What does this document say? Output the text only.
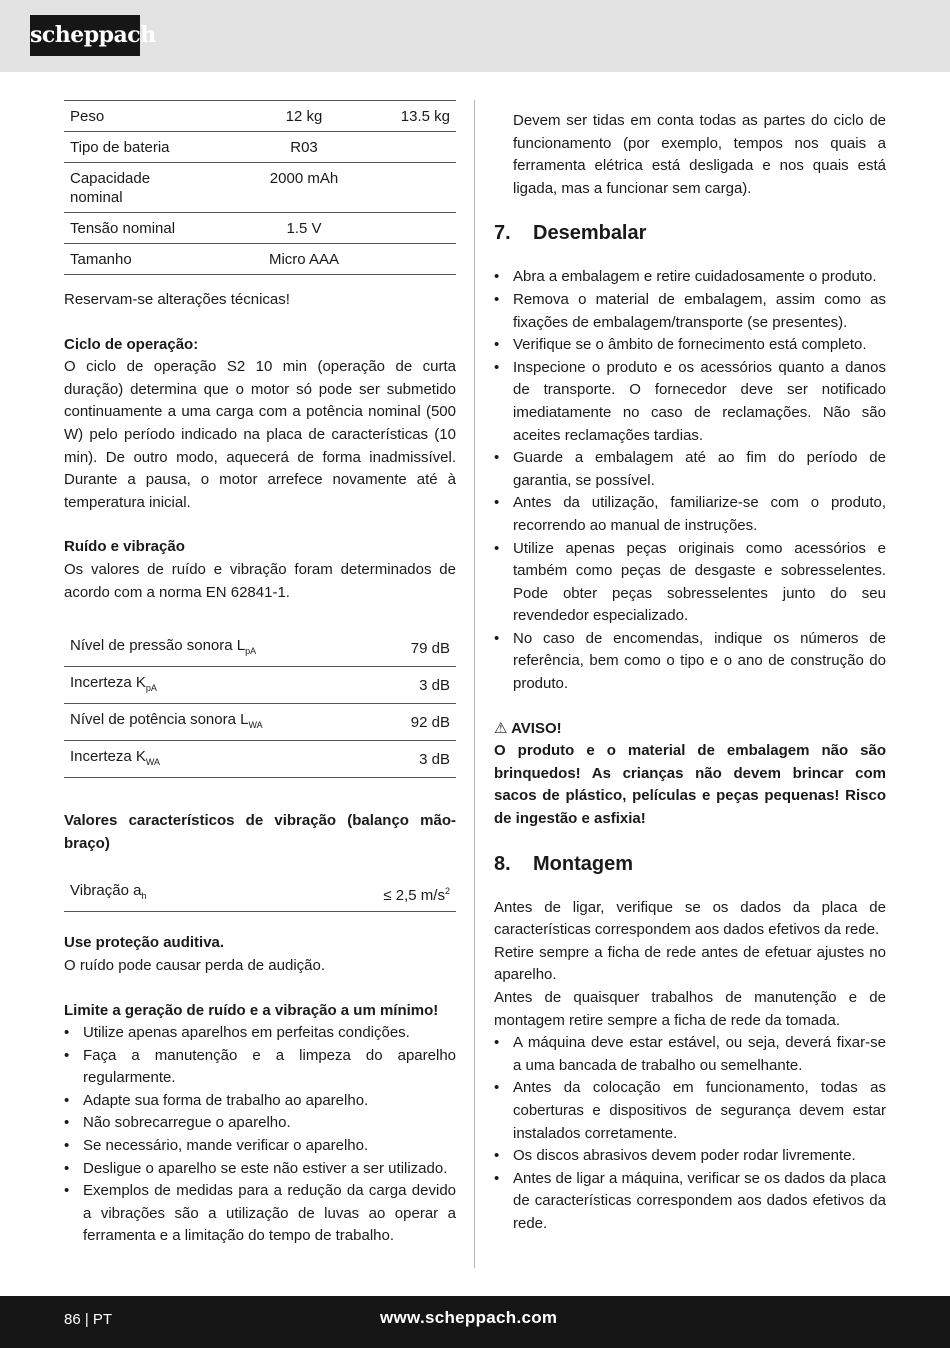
scheppach
Peso	12 kg	13.5 kg
Tipo de bateria	R03	
Capacidade nominal	2000 mAh	
Tensão nominal	1.5 V	
Tamanho	Micro AAA	

Reservam-se alterações técnicas!

Ciclo de operação:

O ciclo de operação S2 10 min (operação de curta duração) determina que o motor só pode ser submetido continuamente a uma carga com a potência nominal (500 W) pelo período indicado na placa de características (10 min). De outro modo, aquecerá de forma inadmissível. Durante a pausa, o motor arrefece novamente até à temperatura inicial.

Ruído e vibração

Os valores de ruído e vibração foram determinados de acordo com a norma EN 62841-1.

Nível de pressão sonora $L_{pA}$	79 dB
Incerteza $K_{pA}$	3 dB
Nível de potência sonora $L_{WA}$	92 dB
Incerteza $K_{WA}$	3 dB

Valores característicos de vibração (balanço mão-braço)

Vibração $a_h$	≤ 2,5 $m/s^2$

Use proteção auditiva.

O ruído pode causar perda de audição.

Limite a geração de ruído e a vibração a um mínimo!

• Utilize apenas aparelhos em perfeitas condições.
• Faça a manutenção e a limpeza do aparelho regularmente.
• Adapte sua forma de trabalho ao aparelho.
• Não sobrecarregue o aparelho.
• Se necessário, mande verificar o aparelho.
• Desligue o aparelho se este não estiver a ser utilizado.
• Exemplos de medidas para a redução da carga devido a vibrações são a utilização de luvas ao operar a ferramenta e a limitação do tempo de trabalho.

Devem ser tidas em conta todas as partes do ciclo de funcionamento (por exemplo, tempos nos quais a ferramenta elétrica está desligada e nos quais está ligada, mas a funcionar sem carga).

7. Desembalar
• Abra a embalagem e retire cuidadosamente o produto.
• Remova o material de embalagem, assim como as fixações de embalagem/transporte (se presentes).
• Verifique se o âmbito de fornecimento está completo.
• Inspecione o produto e os acessórios quanto a danos de transporte. O fornecedor deve ser notificado imediatamente no caso de reclamações. Não são aceites reclamações tardias.
• Guarde a embalagem até ao fim do período de garantia, se possível.
• Antes da utilização, familiarize-se com o produto, recorrendo ao manual de instruções.
• Utilize apenas peças originais como acessórios e também como peças de desgaste e sobresselentes. Pode obter peças sobresselentes junto do seu revendedor especializado.
• No caso de encomendas, indique os números de referência, bem como o tipo e o ano de construção do produto.

⚠ AVISO!

O produto e o material de embalagem não são brinquedos! As crianças não devem brincar com sacos de plástico, películas e peças pequenas! Risco de ingestão e asfixia!

8. Montagem

Antes de ligar, verifique se os dados da placa de características correspondem aos dados efetivos da rede.

Retire sempre a ficha de rede antes de efetuar ajustes no aparelho.

Antes de quaisquer trabalhos de manutenção e de montagem retire sempre a ficha de rede da tomada.

• A máquina deve estar estável, ou seja, deverá fixar-se a uma bancada de trabalho ou semelhante.
• Antes da colocação em funcionamento, todas as coberturas e dispositivos de segurança devem estar instalados corretamente.
• Os discos abrasivos devem poder rodar livremente.
• Antes de ligar a máquina, verificar se os dados da placa de características correspondem aos dados efetivos da rede.
86 | PT	www.scheppach.com
